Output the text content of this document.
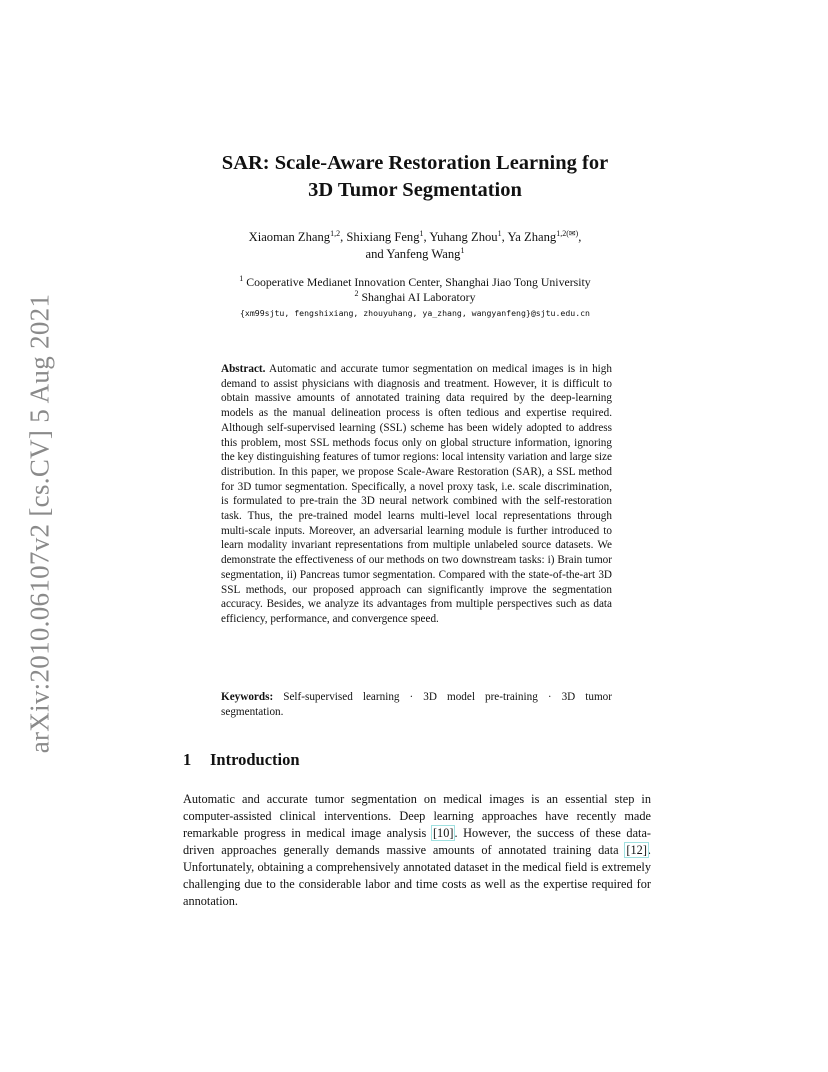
arXiv:2010.06107v2 [cs.CV] 5 Aug 2021
SAR: Scale-Aware Restoration Learning for
3D Tumor Segmentation
Xiaoman Zhang$^{1,2}$, Shixiang Feng$^1$, Yuhang Zhou$^1$, Ya Zhang$^{1,2(✉)}$,
and Yanfeng Wang$^1$
$^1$ Cooperative Medianet Innovation Center, Shanghai Jiao Tong University
$^2$ Shanghai AI Laboratory
{xm99sjtu, fengshixiang, zhouyuhang, ya_zhang, wangyanfeng}@sjtu.edu.cn
Abstract. Automatic and accurate tumor segmentation on medical images is in high demand to assist physicians with diagnosis and treatment. However, it is difficult to obtain massive amounts of annotated training data required by the deep-learning models as the manual delineation process is often tedious and expertise required. Although self-supervised learning (SSL) scheme has been widely adopted to address this problem, most SSL methods focus only on global structure information, ignoring the key distinguishing features of tumor regions: local intensity variation and large size distribution. In this paper, we propose Scale-Aware Restoration (SAR), a SSL method for 3D tumor segmentation. Specifically, a novel proxy task, i.e. scale discrimination, is formulated to pre-train the 3D neural network combined with the self-restoration task. Thus, the pre-trained model learns multi-level local representations through multi-scale inputs. Moreover, an adversarial learning module is further introduced to learn modality invariant representations from multiple unlabeled source datasets. We demonstrate the effectiveness of our methods on two downstream tasks: i) Brain tumor segmentation, ii) Pancreas tumor segmentation. Compared with the state-of-the-art 3D SSL methods, our proposed approach can significantly improve the segmentation accuracy. Besides, we analyze its advantages from multiple perspectives such as data efficiency, performance, and convergence speed.
Keywords: Self-supervised learning · 3D model pre-training · 3D tumor segmentation.
1 Introduction
Automatic and accurate tumor segmentation on medical images is an essential step in computer-assisted clinical interventions. Deep learning approaches have recently made remarkable progress in medical image analysis [10]. However, the success of these data-driven approaches generally demands massive amounts of annotated training data [12]. Unfortunately, obtaining a comprehensively annotated dataset in the medical field is extremely challenging due to the considerable labor and time costs as well as the expertise required for annotation.
